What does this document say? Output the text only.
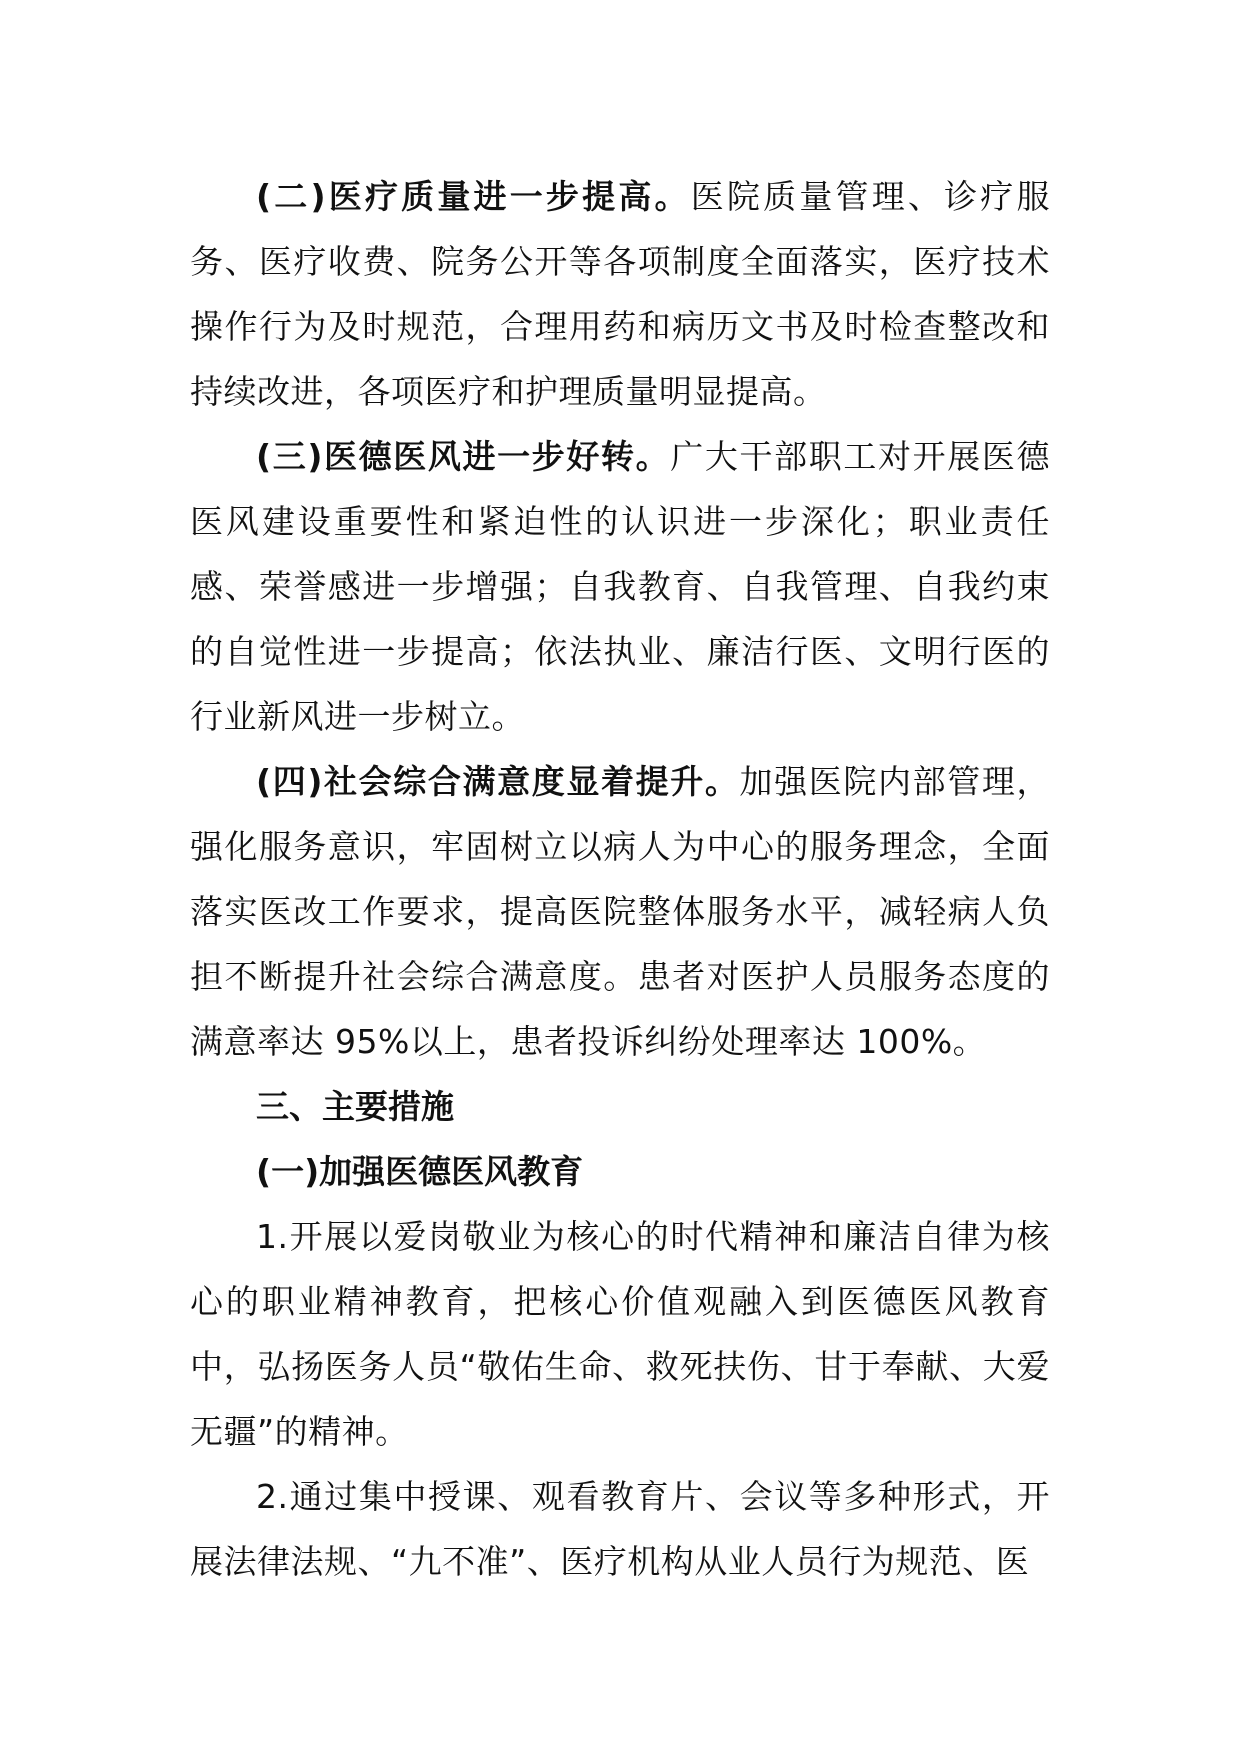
(二)医疗质量进一步提高。医院质量管理、诊疗服务、医疗收费、院务公开等各项制度全面落实，医疗技术操作行为及时规范，合理用药和病历文书及时检查整改和持续改进，各项医疗和护理质量明显提高。

(三)医德医风进一步好转。广大干部职工对开展医德医风建设重要性和紧迫性的认识进一步深化；职业责任感、荣誉感进一步增强；自我教育、自我管理、自我约束的自觉性进一步提高；依法执业、廉洁行医、文明行医的行业新风进一步树立。

(四)社会综合满意度显着提升。加强医院内部管理，强化服务意识，牢固树立以病人为中心的服务理念，全面落实医改工作要求，提高医院整体服务水平，减轻病人负担不断提升社会综合满意度。患者对医护人员服务态度的满意率达 95%以上，患者投诉纠纷处理率达 100%。

三、主要措施

(一)加强医德医风教育

1.开展以爱岗敬业为核心的时代精神和廉洁自律为核心的职业精神教育，把核心价值观融入到医德医风教育中，弘扬医务人员“敬佑生命、救死扶伤、甘于奉献、大爱无疆”的精神。

2.通过集中授课、观看教育片、会议等多种形式，开展法律法规、“九不准”、医疗机构从业人员行为规范、医
